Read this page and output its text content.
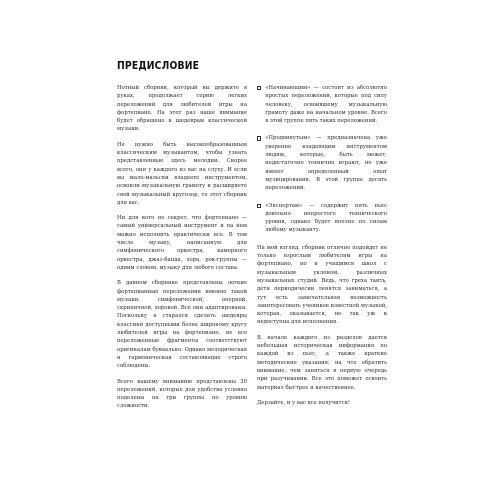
ПРЕДИСЛОВИЕ

Нотный сборник, который вы держите в руках, продолжает серию легких переложений для любителей игры на фортепиано. На этот раз наше внимание будет обращено к шедеврам классической музыки.

Не нужно быть высокообразованным классическим музыкантом, чтобы узнать представленные здесь мелодии. Скорее всего, они у каждого из вас на слуху. И если вы мало-мальски владеете инструментом, освоили музыкальную грамоту и расширяете свой музыкальный кругозор, то этот сборник для вас.

Ни для кого не секрет, что фортепиано — самый универсальный инструмент и на нем можно исполнить практически все. В том числе музыку, написанную для симфонического оркестра, камерного оркестра, джаз-банда, хора, рок-группы — одним словом, музыку для любого состава.

В данном сборнике представлены легкие фортепианные переложения именно такой музыки: симфонической, оперной, скрипичной, хоровой. Все они адаптированы. Поскольку я старался сделать шедевры классики доступными более широкому кругу любителей игры на фортепиано, не все переложенные фрагменты соответствуют оригиналам буквально. Однако мелодическая и гармоническая составляющие строго соблюдены.

Всего вашему вниманию представлены 20 переложений, которые для удобства условно поделены на три группы по уровню сложности.

«Начинающим» — состоит из абсолютно простых переложений, которые под силу человеку, освоившему музыкальную грамоту даже на начальном уровне. Всего в этой группе пять таких переложений.
«Продвинутым» — предназначена уже уверенно владеющим инструментом людям, которые, быть может, недостаточно технично играют, но уже имеют определенный опыт музицирования. В этой группе десять переложений.
«Экспертам» — содержит пять пьес довольно непростого технического уровня, однако будет вполне по силам любому музыканту.

На мой взгляд, сборник отлично подойдет не только взрослым любителям игры на фортепиано, но и учащимся школ с музыкальным уклоном, различных музыкальных студий. Ведь, что греха таить, дети периодически ленятся заниматься, а тут есть замечательная возможность заинтересовать учеников известной музыкой, которая, оказывается, не так уж и недоступна для исполнения.

В начале каждого из разделов дается небольшая историческая информация по каждой из пьес, а также краткие методические указания: на что обратить внимание, чем заняться в первую очередь при разучивании. Все это поможет освоить материал быстрее и качественнее.

Дерзайте, и у вас все получится!
